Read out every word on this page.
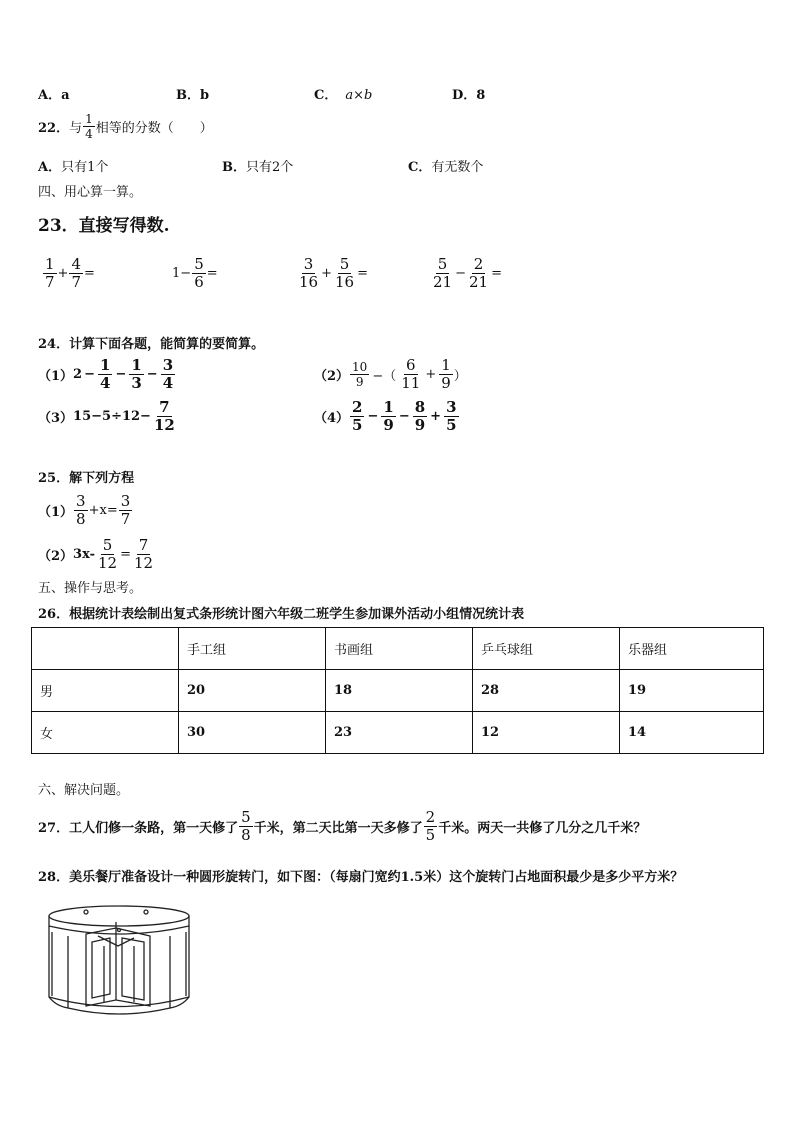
A．a	B．b	C． a×b	D．8
22． 与 $\frac{1}{4}$ 相等的分数（　　）
A．只有1个	B．只有2个	C．有无数个
四、用心算一算。
23．直接写得数.
$\frac{1}{7} + \frac{4}{7}$ =	$1 - \frac{5}{6}$ =	$\frac{3}{16} + \frac{5}{16}$ =	$\frac{5}{21} - \frac{2}{21}$ =
24．计算下面各题，能简算的要简算。
（1） $2 - \frac{1}{4} - \frac{1}{3} - \frac{3}{4}$	$(2) \frac{10}{9}$ −（ $\frac{6}{11} + \frac{1}{9}$ ）
（3） $15-5\div 12- \frac{7}{12}$	$(4) \frac{2}{5} - \frac{1}{9} - \frac{8}{9} + \frac{3}{5}$
25．解下列方程
$(1) \frac{3}{8} +x= \frac{3}{7}$
（2） $3x- \frac{5}{12} = \frac{7}{12}$
五、操作与思考。
26．根据统计表绘制出复式条形统计图六年级二班学生参加课外活动小组情况统计表
	手工组	书画组	乒乓球组	乐器组
男	20	18	28	19
女	30	23	12	14
六、解决问题。
27．工人们修一条路，第一天修了 $\frac{5}{8}$ 千米，第二天比第一天多修了 $\frac{2}{5}$ 千米。两天一共修了几分之几千米？
28．美乐餐厅准备设计一种圆形旋转门，如下图：（每扇门宽约1.5米）这个旋转门占地面积最少是多少平方米？
